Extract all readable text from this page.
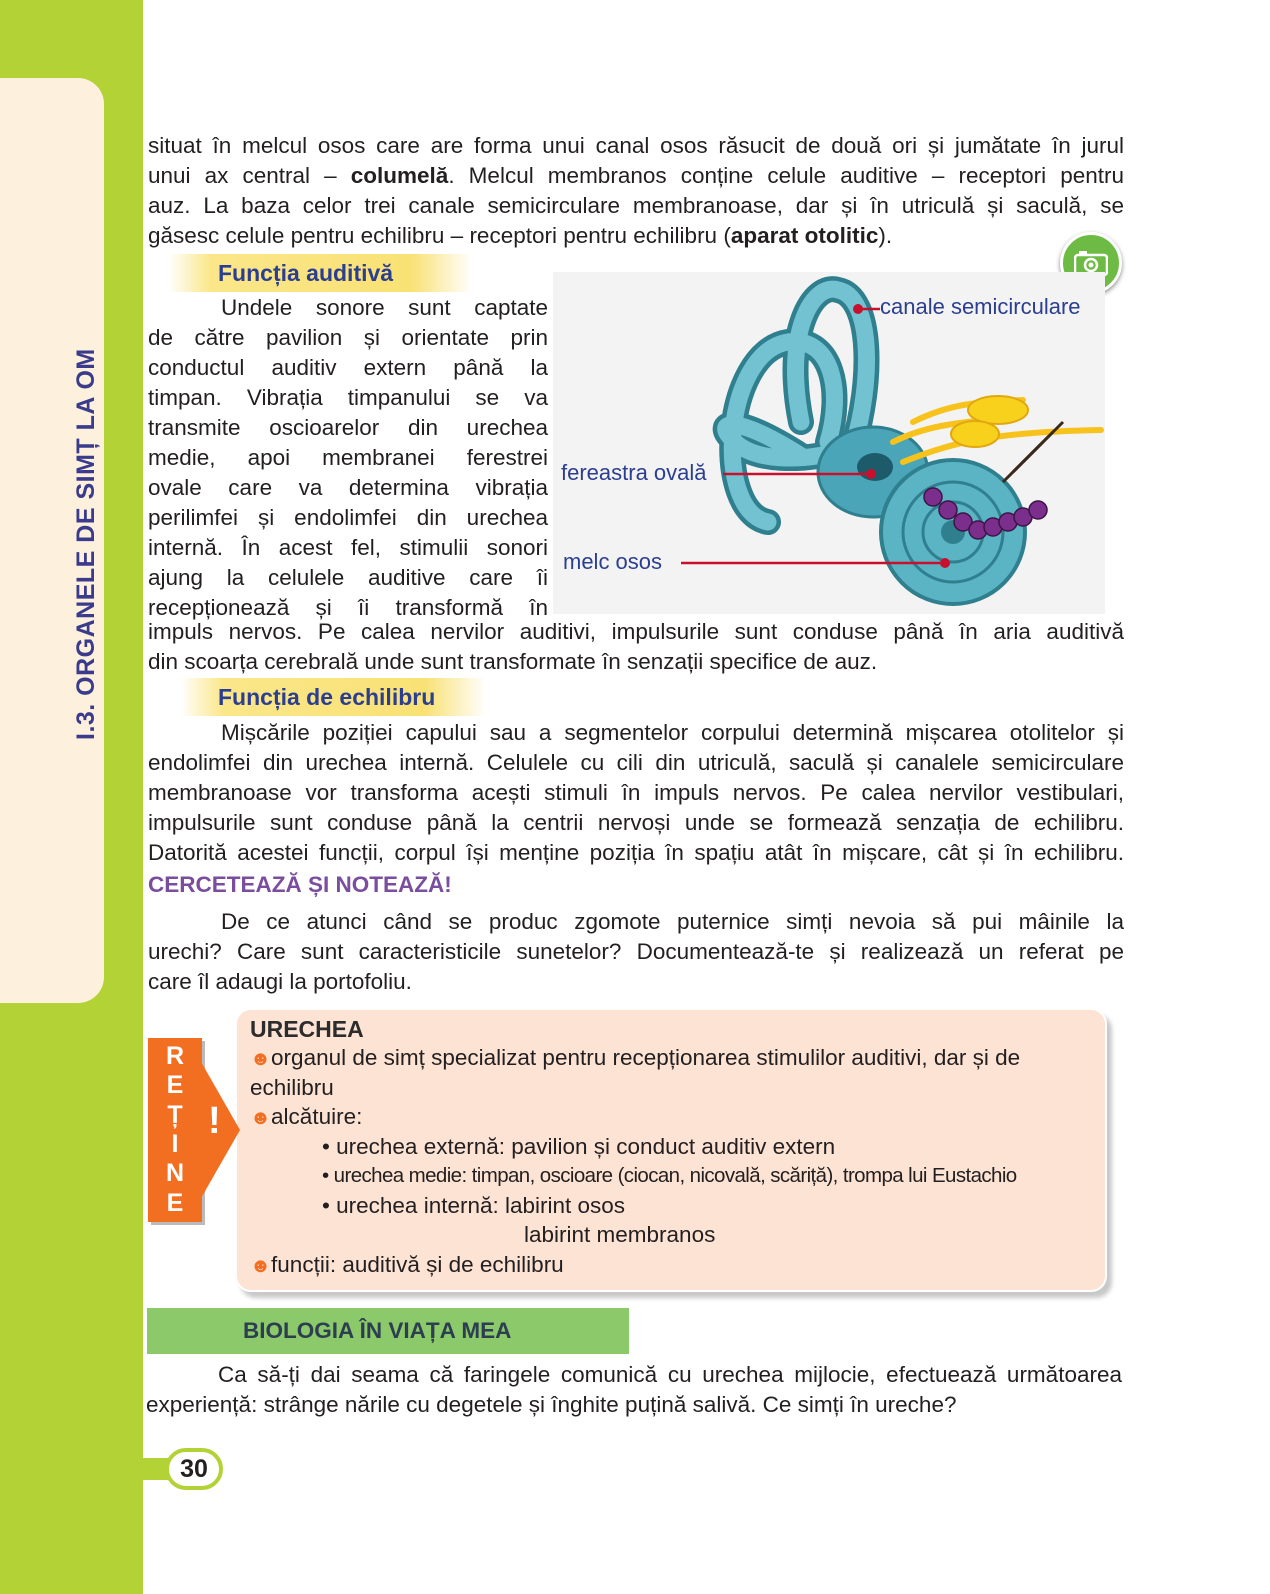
I.3. ORGANELE DE SIMȚ LA OM
situat în melcul osos care are forma unui canal osos răsucit de două ori și jumătate în jurul
unui ax central – columelă. Melcul membranos conține celule auditive – receptori pentru
auz. La baza celor trei canale semicirculare membranoase, dar și în utriculă și saculă, se
găsesc celule pentru echilibru – receptori pentru echilibru (aparat otolitic).
Funcția auditivă
Undele sonore sunt captate
de către pavilion și orientate prin
conductul auditiv extern până la
timpan. Vibrația timpanului se va
transmite oscioarelor din urechea
medie, apoi membranei ferestrei
ovale care va determina vibrația
perilimfei și endolimfei din urechea
internă. În acest fel, stimulii sonori
ajung la celulele auditive care îi
recepționează și îi transformă în
canale semicirculare
fereastra ovală
melc osos
impuls nervos. Pe calea nervilor auditivi, impulsurile sunt conduse până în aria auditivă
din scoarța cerebrală unde sunt transformate în senzații specifice de auz.
Funcția de echilibru
Mișcările poziției capului sau a segmentelor corpului determină mișcarea otolitelor și
endolimfei din urechea internă. Celulele cu cili din utriculă, saculă și canalele semicirculare
membranoase vor transforma acești stimuli în impuls nervos. Pe calea nervilor vestibulari,
impulsurile sunt conduse până la centrii nervoși unde se formează senzația de echilibru.
Datorită acestei funcții, corpul își menține poziția în spațiu atât în mișcare, cât și în echilibru.
CERCETEAZĂ ȘI NOTEAZĂ!
De ce atunci când se produc zgomote puternice simți nevoia să pui mâinile la
urechi? Care sunt caracteristicile sunetelor? Documentează-te și realizează un referat pe
care îl adaugi la portofoliu.
R
E
Ț
I
N
E
!
URECHEA
☻organul de simț specializat pentru recepționarea stimulilor auditivi, dar și de
echilibru
☻alcătuire:
• urechea externă: pavilion și conduct auditiv extern
• urechea medie: timpan, oscioare (ciocan, nicovală, scăriță), trompa lui Eustachio
• urechea internă: labirint osos
labirint membranos
☻funcții: auditivă și de echilibru
BIOLOGIA ÎN VIAȚA MEA
Ca să-ți dai seama că faringele comunică cu urechea mijlocie, efectuează următoarea
experiență: strânge nările cu degetele și înghite puțină salivă. Ce simți în ureche?
30
